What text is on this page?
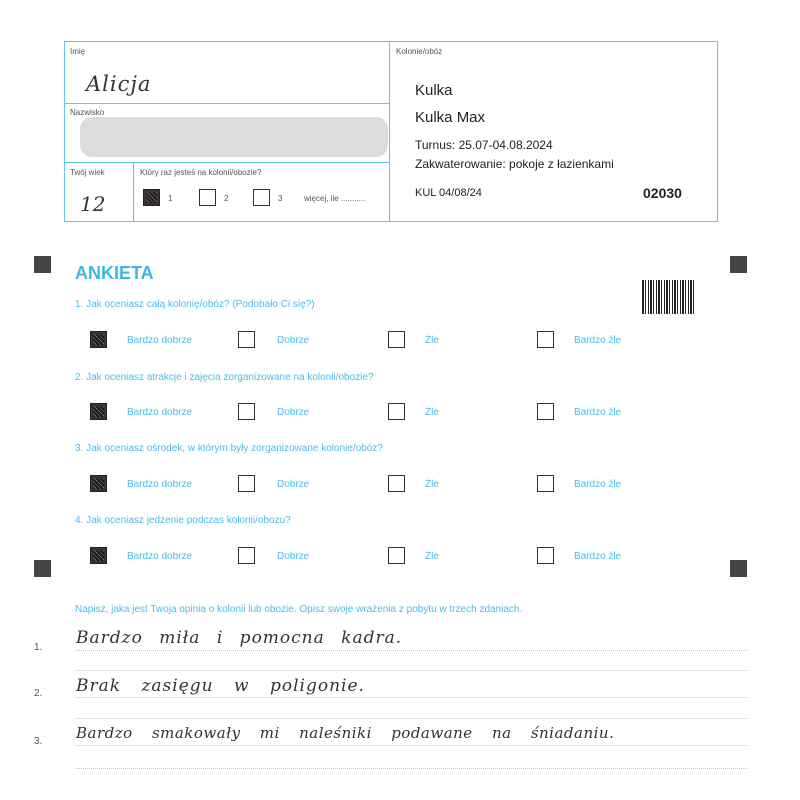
Imię
Alicja
Nazwisko
Twój wiek
12
Który raz jesteś na kolonii/obozie?
1	2	3	więcej, ile ...........
Kolonie/obóz
Kulka
Kulka Max
Turnus: 25.07-04.08.2024
Zakwaterowanie: pokoje z łazienkami
KUL 04/08/24	02030
ANKIETA
1. Jak oceniasz całą kolonię/obóz? (Podobało Ci się?)
Bardzo dobrze	Dobrze	Źle	Bardzo źle
2. Jak oceniasz atrakcje i zajęcia zorganizowane na kolonii/obozie?
Bardzo dobrze	Dobrze	Źle	Bardzo źle
3. Jak oceniasz ośrodek, w którym były zorganizowane kolonie/obóz?
Bardzo dobrze	Dobrze	Źle	Bardzo źle
4. Jak oceniasz jedzenie podczas kolonii/obozu?
Bardzo dobrze	Dobrze	Źle	Bardzo źle
Napisz, jaka jest Twoja opinia o kolonii lub obozie. Opisz swoje wrażenia z pobytu w trzech zdaniach.
1. Bardzo miła i pomocna kadra.
2. Brak zasięgu w poligonie.
3. Bardzo smakowały mi naleśniki podawane na śniadaniu.
